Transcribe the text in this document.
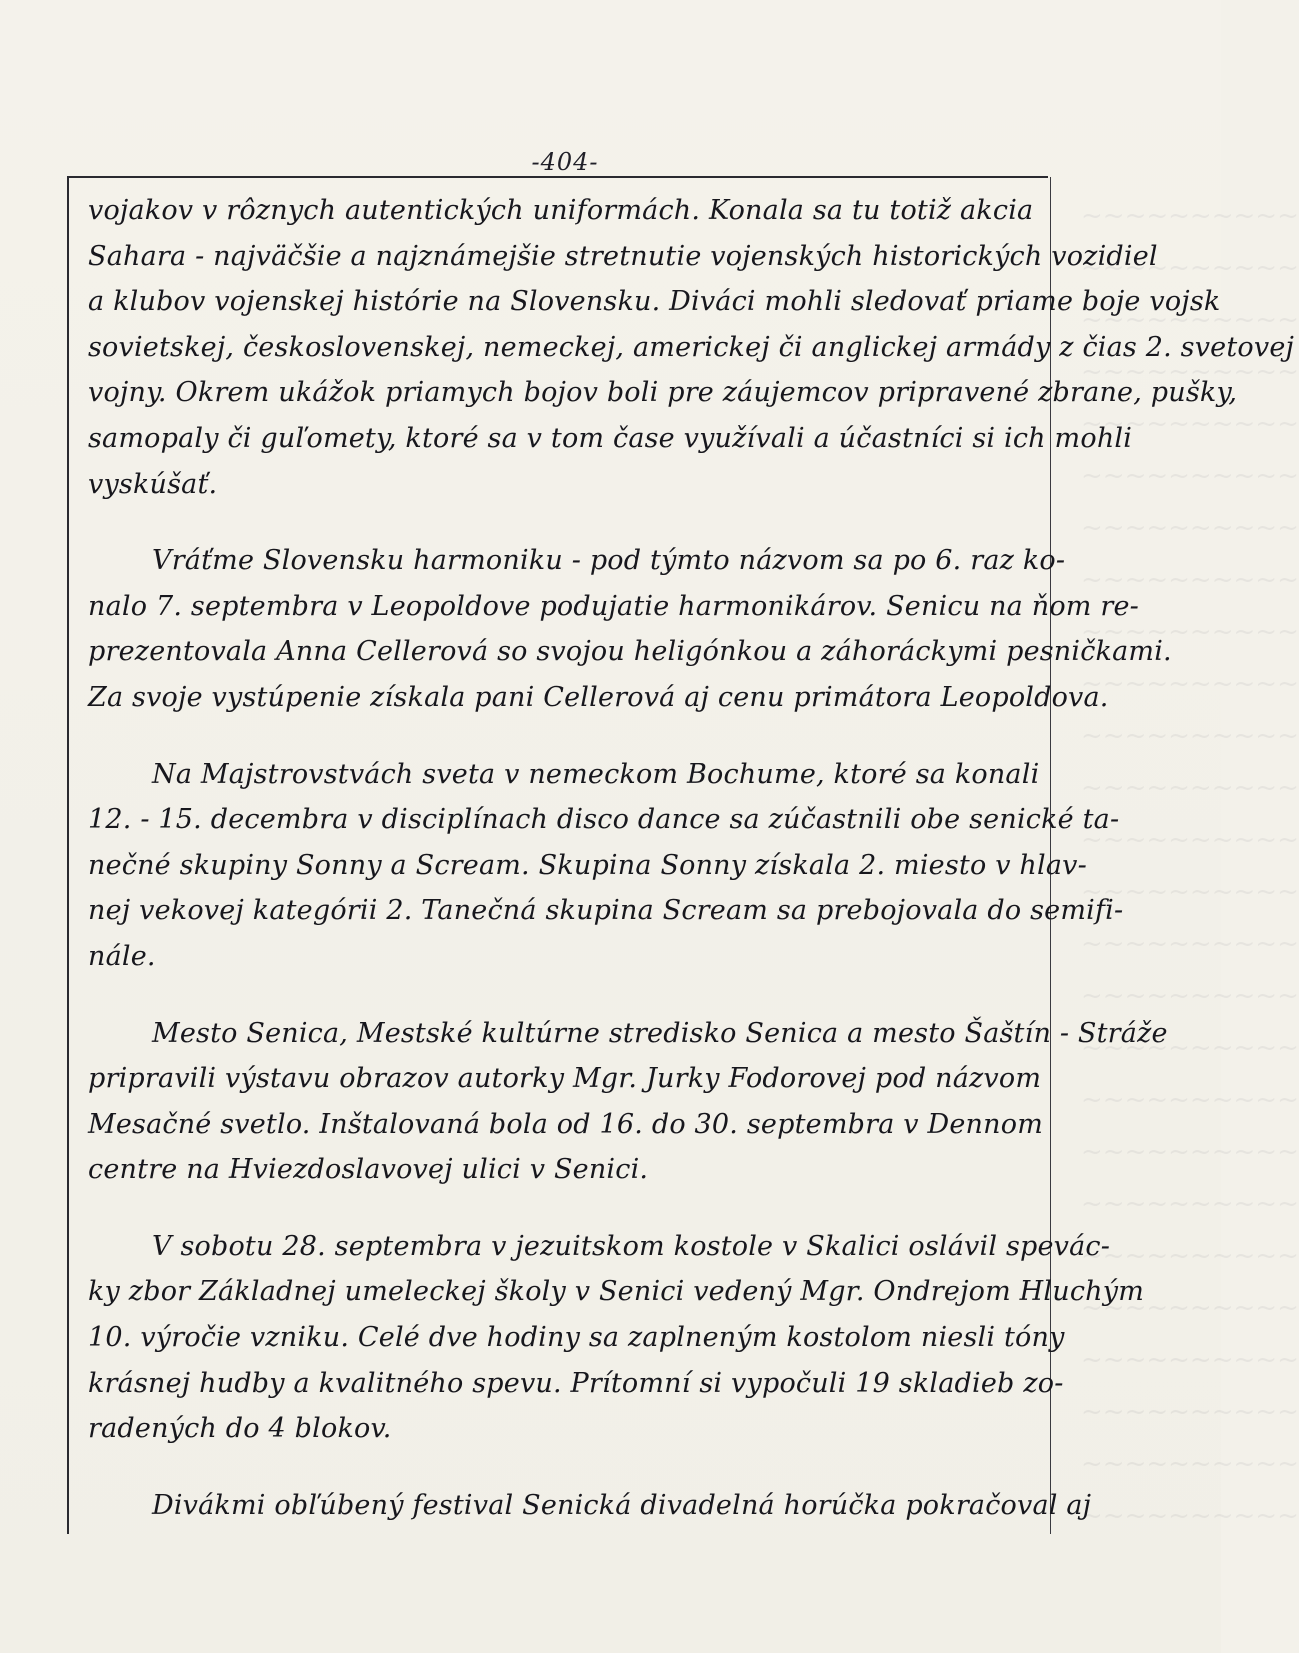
~~~~~~~~~~
~~~~~~~~~~
~~~~~~~~~~
~~~~~~~~~~
~~~~~~~~~~
~~~~~~~~~~
~~~~~~~~~~
~~~~~~~~~~
~~~~~~~~~~
~~~~~~~~~~
~~~~~~~~~~
~~~~~~~~~~
~~~~~~~~~~
~~~~~~~~~~
~~~~~~~~~~
~~~~~~~~~~
~~~~~~~~~~
~~~~~~~~~~
~~~~~~~~~~
~~~~~~~~~~
~~~~~~~~~~
~~~~~~~~~~
~~~~~~~~~~
~~~~~~~~~~
~~~~~~~~~~
~~~~~~~~~~
-404-

vojakov v rôznych autentických uniformách. Konala sa tu totiž akcia
Sahara - najväčšie a najznámejšie stretnutie vojenských historických vozidiel
a klubov vojenskej histórie na Slovensku. Diváci mohli sledovať priame boje vojsk
sovietskej, československej, nemeckej, americkej či anglickej armády z čias 2. svetovej
vojny. Okrem ukážok priamych bojov boli pre záujemcov pripravené zbrane, pušky,
samopaly či guľomety, ktoré sa v tom čase využívali a účastníci si ich mohli
vyskúšať.

Vráťme Slovensku harmoniku - pod týmto názvom sa po 6. raz ko-
nalo 7. septembra v Leopoldove podujatie harmonikárov. Senicu na ňom re-
prezentovala Anna Cellerová so svojou heligónkou a záhoráckymi pesničkami.
Za svoje vystúpenie získala pani Cellerová aj cenu primátora Leopoldova.

Na Majstrovstvách sveta v nemeckom Bochume, ktoré sa konali
12. - 15. decembra v disciplínach disco dance sa zúčastnili obe senické ta-
nečné skupiny Sonny a Scream. Skupina Sonny získala 2. miesto v hlav-
nej vekovej kategórii 2. Tanečná skupina Scream sa prebojovala do semifi-
nále.

Mesto Senica, Mestské kultúrne stredisko Senica a mesto Šaštín - Stráže
pripravili výstavu obrazov autorky Mgr. Jurky Fodorovej pod názvom
Mesačné svetlo. Inštalovaná bola od 16. do 30. septembra v Dennom
centre na Hviezdoslavovej ulici v Senici.

V sobotu 28. septembra v jezuitskom kostole v Skalici oslávil spevác-
ky zbor Základnej umeleckej školy v Senici vedený Mgr. Ondrejom Hluchým
10. výročie vzniku. Celé dve hodiny sa zaplneným kostolom niesli tóny
krásnej hudby a kvalitného spevu. Prítomní si vypočuli 19 skladieb zo-
radených do 4 blokov.

Divákmi obľúbený festival Senická divadelná horúčka pokračoval aj
